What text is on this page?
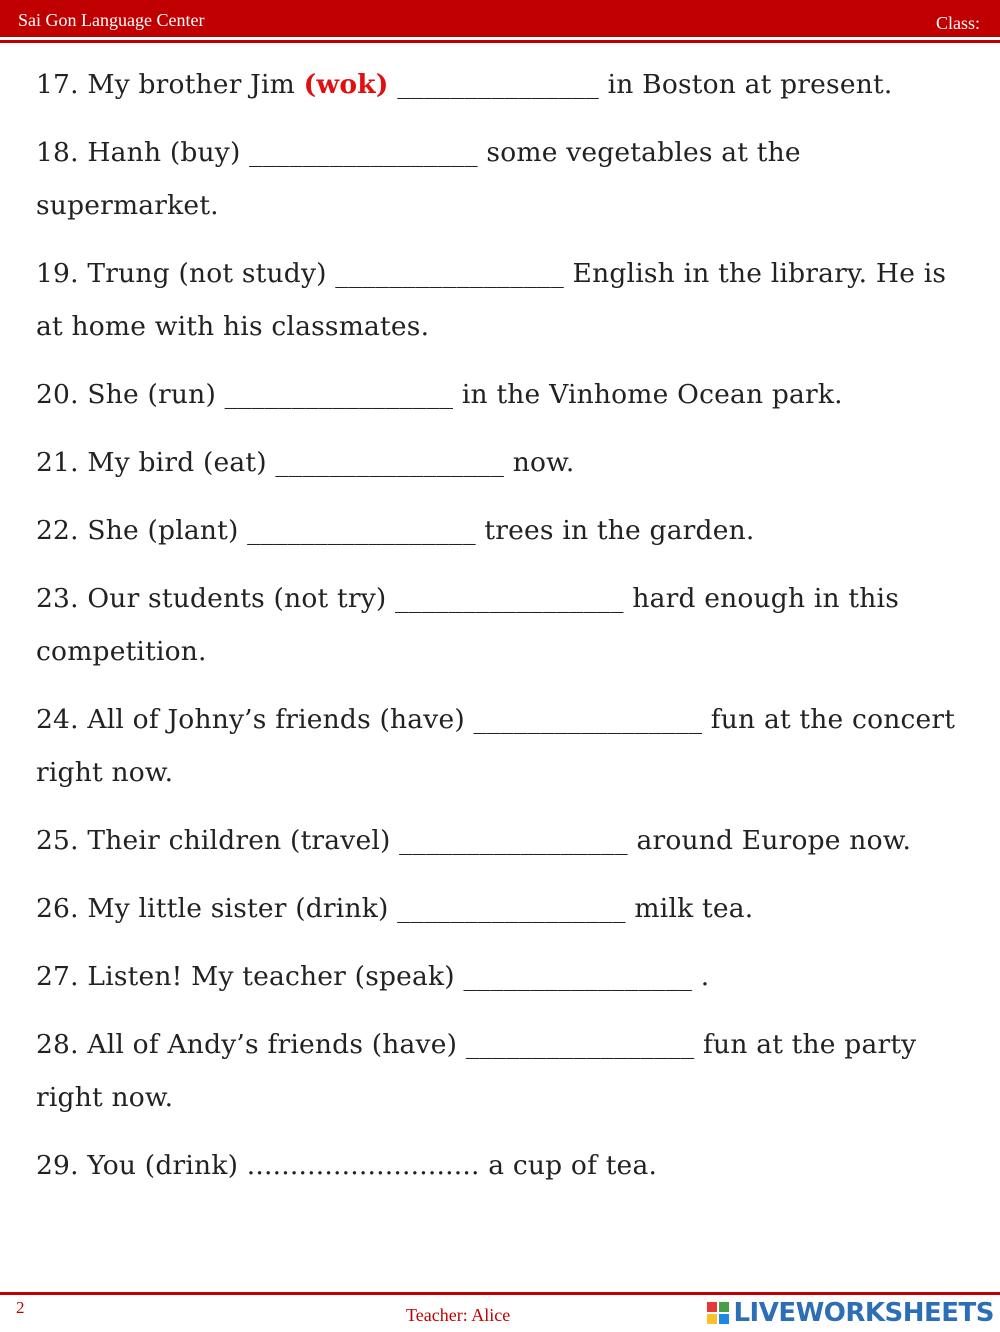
Sai Gon Language Center	Class:

17. My brother Jim (wok) _______________ in Boston at present.

18. Hanh (buy) _________________ some vegetables at the supermarket.

19. Trung (not study) _________________ English in the library. He is at home with his classmates.

20. She (run) _________________ in the Vinhome Ocean park.

21. My bird (eat) _________________ now.

22. She (plant) _________________ trees in the garden.

23. Our students (not try) _________________ hard enough in this competition.

24. All of Johny’s friends (have) _________________ fun at the concert right now.

25. Their children (travel) _________________ around Europe now.

26. My little sister (drink) _________________ milk tea.

27. Listen! My teacher (speak) _________________ .

28. All of Andy’s friends (have) _________________ fun at the party right now.

29. You (drink) ........................... a cup of tea.

2	Teacher: Alice	LIVEWORKSHEETS
